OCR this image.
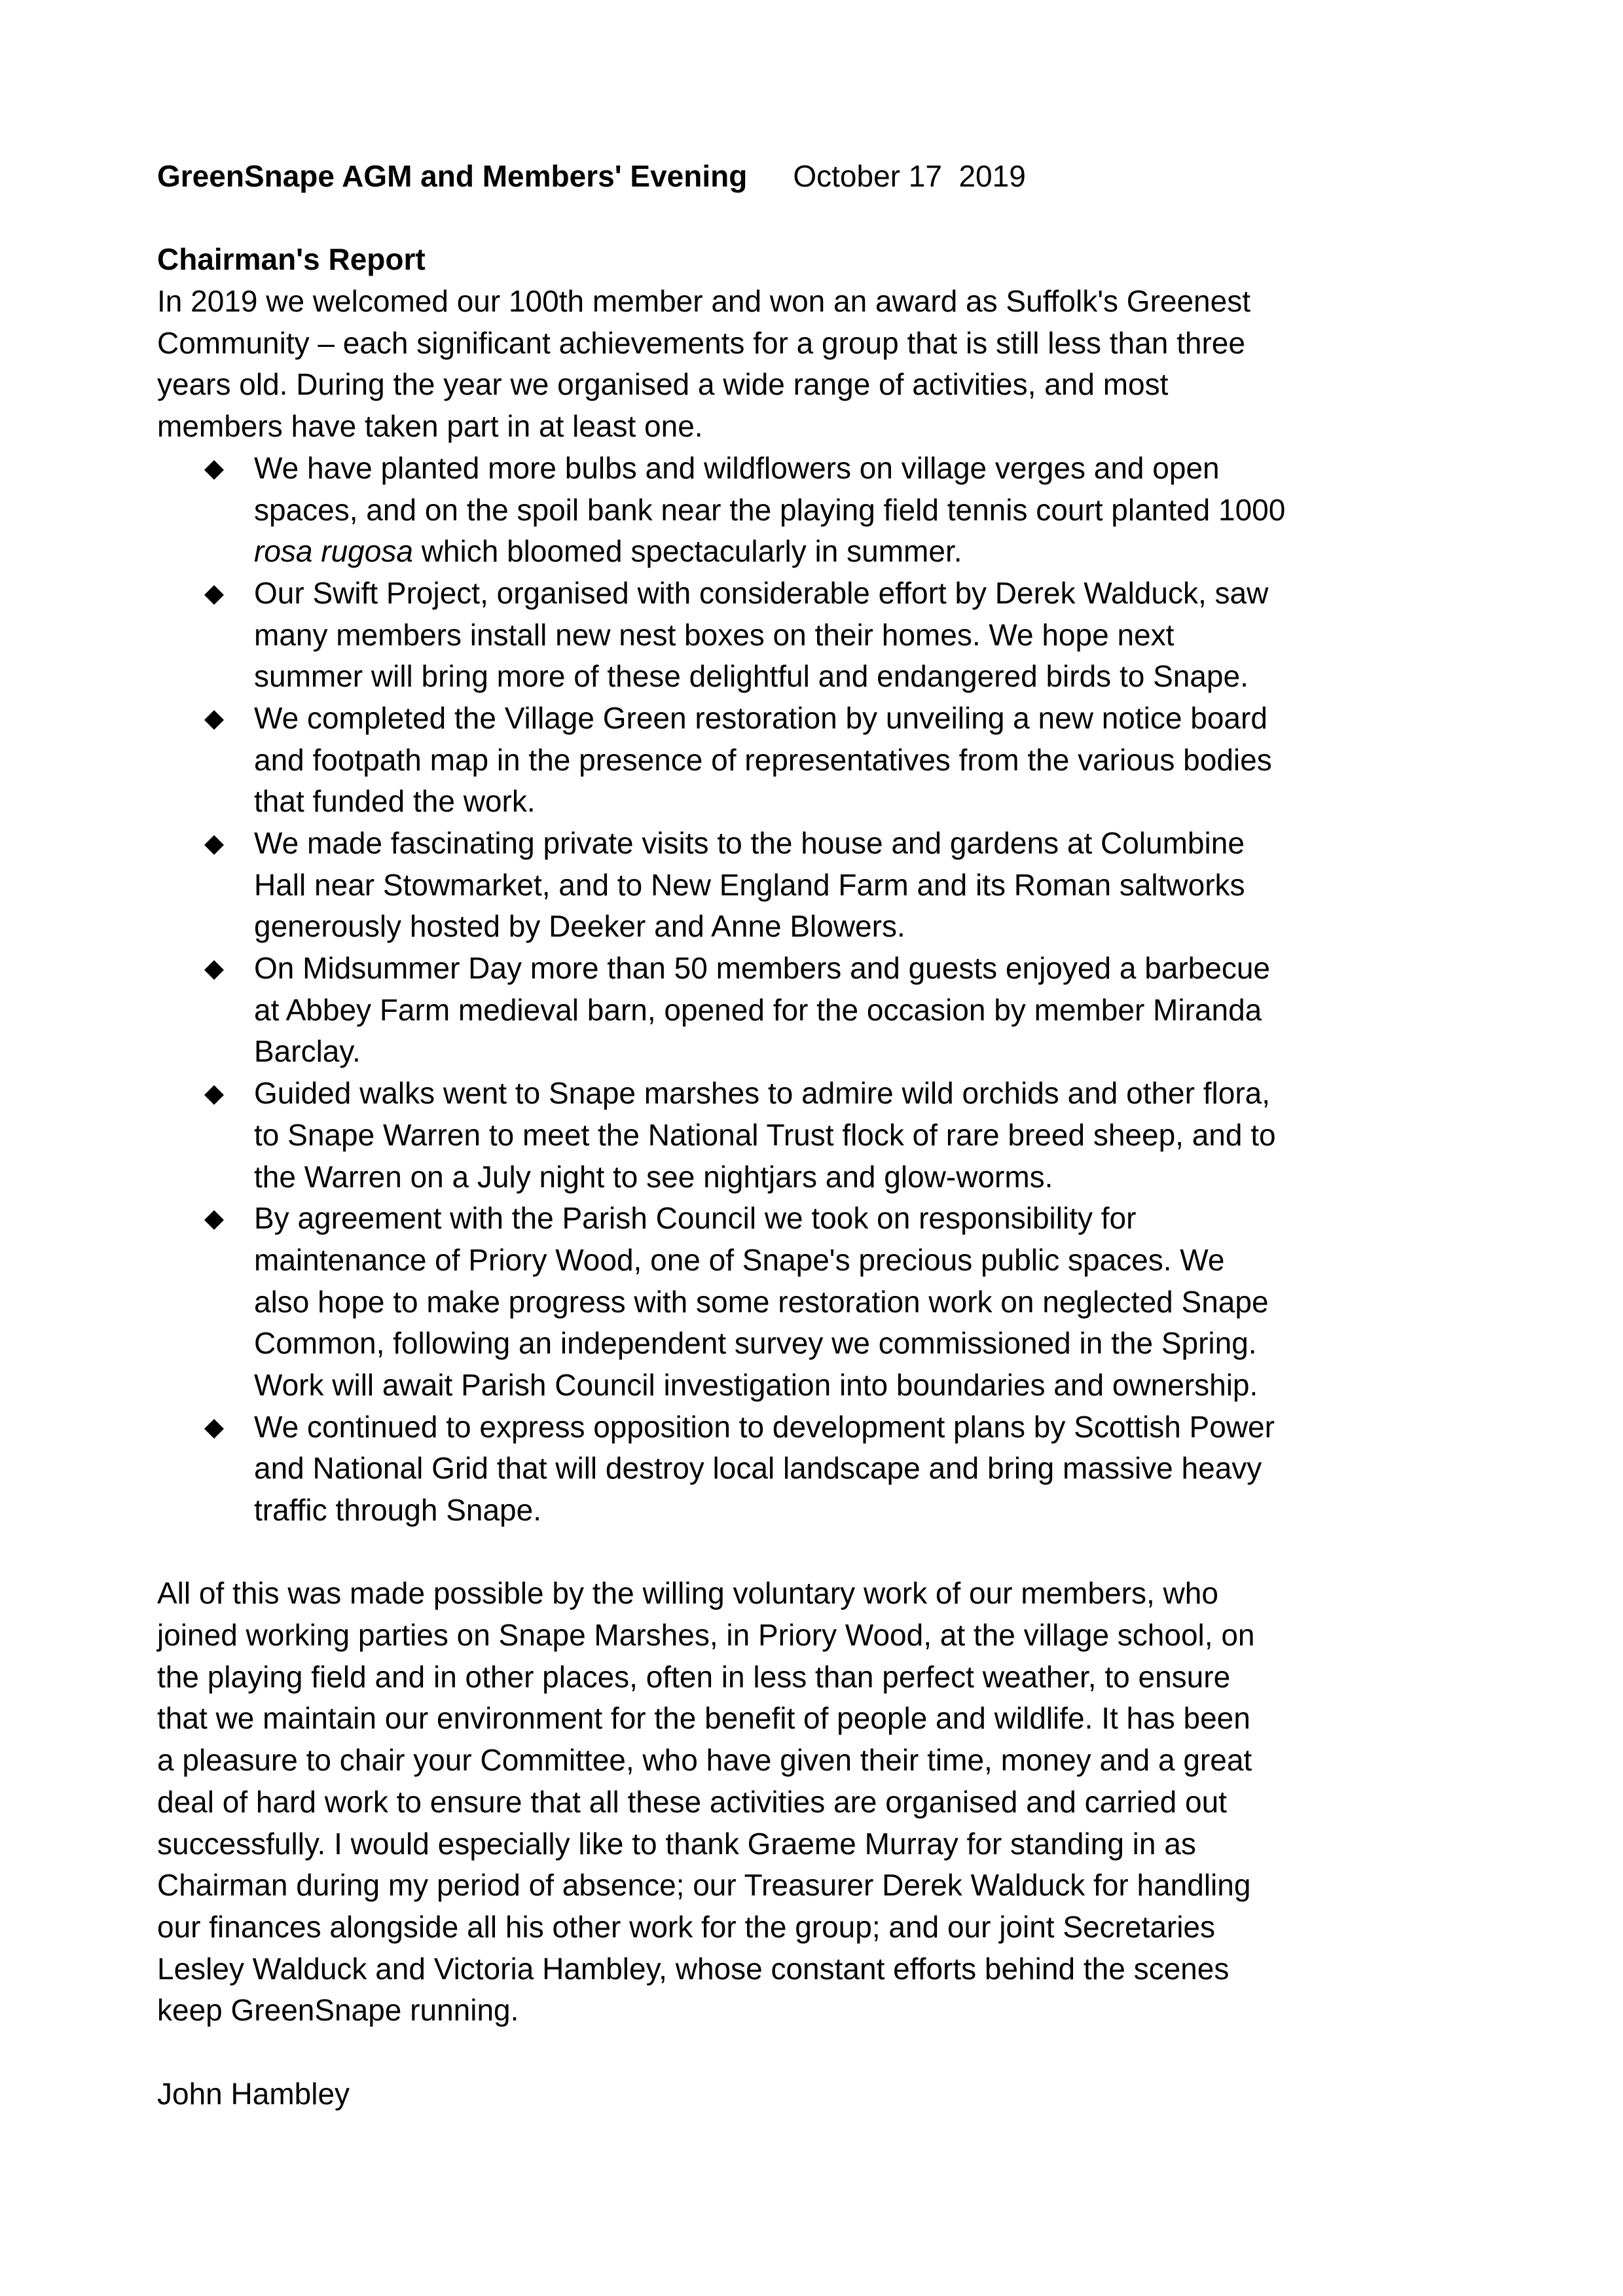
GreenSnape AGM and Members' Evening October 17  2019
Chairman's Report
In 2019 we welcomed our 100th member and won an award as Suffolk's Greenest
Community – each significant achievements for a group that is still less than three
years old. During the year we organised a wide range of activities, and most
members have taken part in at least one.
We have planted more bulbs and wildflowers on village verges and open
spaces, and on the spoil bank near the playing field tennis court planted 1000
rosa rugosa which bloomed spectacularly in summer.
Our Swift Project, organised with considerable effort by Derek Walduck, saw
many members install new nest boxes on their homes. We hope next
summer will bring more of these delightful and endangered birds to Snape.
We completed the Village Green restoration by unveiling a new notice board
and footpath map in the presence of representatives from the various bodies
that funded the work.
We made fascinating private visits to the house and gardens at Columbine
Hall near Stowmarket, and to New England Farm and its Roman saltworks
generously hosted by Deeker and Anne Blowers.
On Midsummer Day more than 50 members and guests enjoyed a barbecue
at Abbey Farm medieval barn, opened for the occasion by member Miranda
Barclay.
Guided walks went to Snape marshes to admire wild orchids and other flora,
to Snape Warren to meet the National Trust flock of rare breed sheep, and to
the Warren on a July night to see nightjars and glow-worms.
By agreement with the Parish Council we took on responsibility for
maintenance of Priory Wood, one of Snape's precious public spaces. We
also hope to make progress with some restoration work on neglected Snape
Common, following an independent survey we commissioned in the Spring.
Work will await Parish Council investigation into boundaries and ownership.
We continued to express opposition to development plans by Scottish Power
and National Grid that will destroy local landscape and bring massive heavy
traffic through Snape.
All of this was made possible by the willing voluntary work of our members, who
joined working parties on Snape Marshes, in Priory Wood, at the village school, on
the playing field and in other places, often in less than perfect weather, to ensure
that we maintain our environment for the benefit of people and wildlife. It has been
a pleasure to chair your Committee, who have given their time, money and a great
deal of hard work to ensure that all these activities are organised and carried out
successfully. I would especially like to thank Graeme Murray for standing in as
Chairman during my period of absence; our Treasurer Derek Walduck for handling
our finances alongside all his other work for the group; and our joint Secretaries
Lesley Walduck and Victoria Hambley, whose constant efforts behind the scenes
keep GreenSnape running.
John Hambley
